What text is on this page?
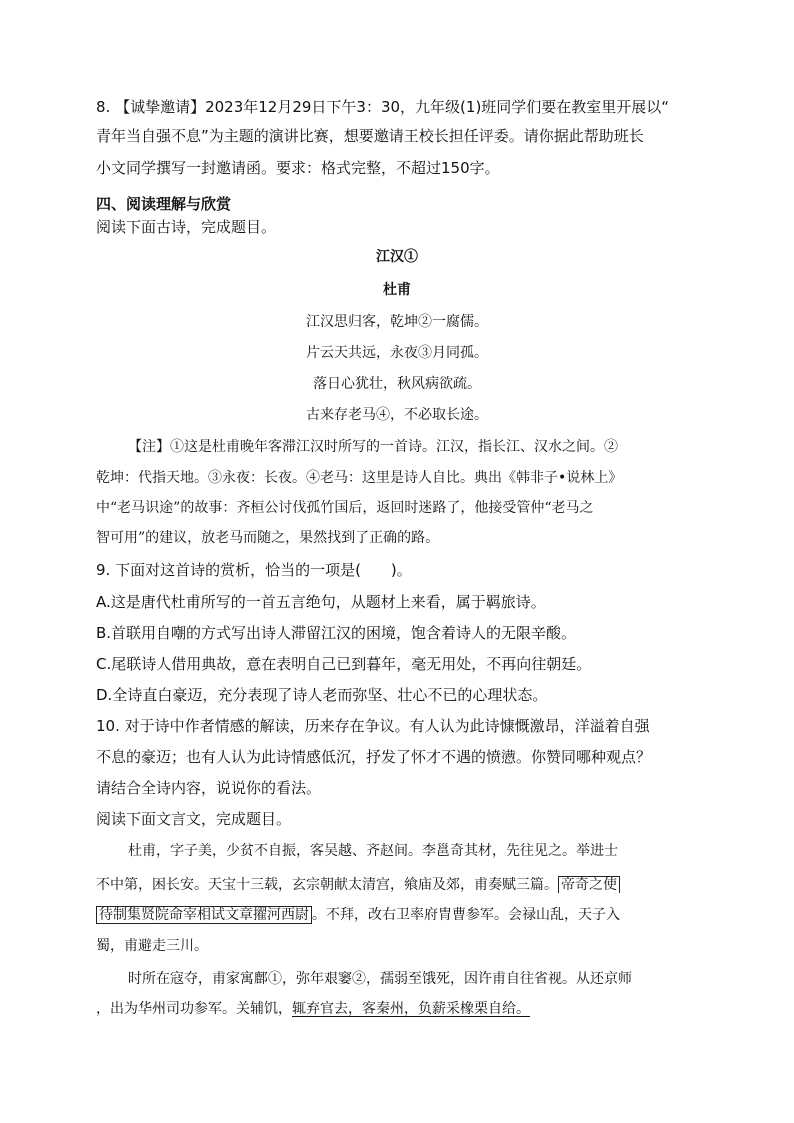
8. 【诚挚邀请】2023年12月29日下午3：30，九年级(1)班同学们要在教室里开展以“
青年当自强不息”为主题的演讲比赛，想要邀请王校长担任评委。请你据此帮助班长
小文同学撰写一封邀请函。要求：格式完整，不超过150字。
四、阅读理解与欣赏
阅读下面古诗，完成题目。
江汉①
杜甫
江汉思归客，乾坤②一腐儒。
片云天共远，永夜③月同孤。
落日心犹壮，秋风病欲疏。
古来存老马④，不必取长途。
【注】①这是杜甫晚年客滞江汉时所写的一首诗。江汉，指长江、汉水之间。②
乾坤：代指天地。③永夜：长夜。④老马：这里是诗人自比。典出《韩非子•说林上》
中“老马识途”的故事：齐桓公讨伐孤竹国后，返回时迷路了，他接受管仲“老马之
智可用”的建议，放老马而随之，果然找到了正确的路。
9. 下面对这首诗的赏析，恰当的一项是(　　)。
A.这是唐代杜甫所写的一首五言绝句，从题材上来看，属于羁旅诗。
B.首联用自嘲的方式写出诗人滞留江汉的困境，饱含着诗人的无限辛酸。
C.尾联诗人借用典故，意在表明自己已到暮年，毫无用处，不再向往朝廷。
D.全诗直白豪迈，充分表现了诗人老而弥坚、壮心不已的心理状态。
10. 对于诗中作者情感的解读，历来存在争议。有人认为此诗慷慨激昂，洋溢着自强
不息的豪迈；也有人认为此诗情感低沉，抒发了怀才不遇的愤懑。你赞同哪种观点？
请结合全诗内容，说说你的看法。
阅读下面文言文，完成题目。
杜甫，字子美，少贫不自振，客吴越、齐赵间。李邕奇其材，先往见之。举进士
不中第，困长安。天宝十三载，玄宗朝献太清宫，飨庙及郊，甫奏赋三篇。 帝奇之使
待制集贤院命宰相试文章擢河西尉 。不拜，改右卫率府胄曹参军。会禄山乱，天子入
蜀，甫避走三川。
时所在寇夺，甫家寓鄜①，弥年艰窭②，孺弱至饿死，因许甫自往省视。从还京师
，出为华州司功参军。关辅饥，辄弃官去，客秦州，负薪采橡栗自给。
